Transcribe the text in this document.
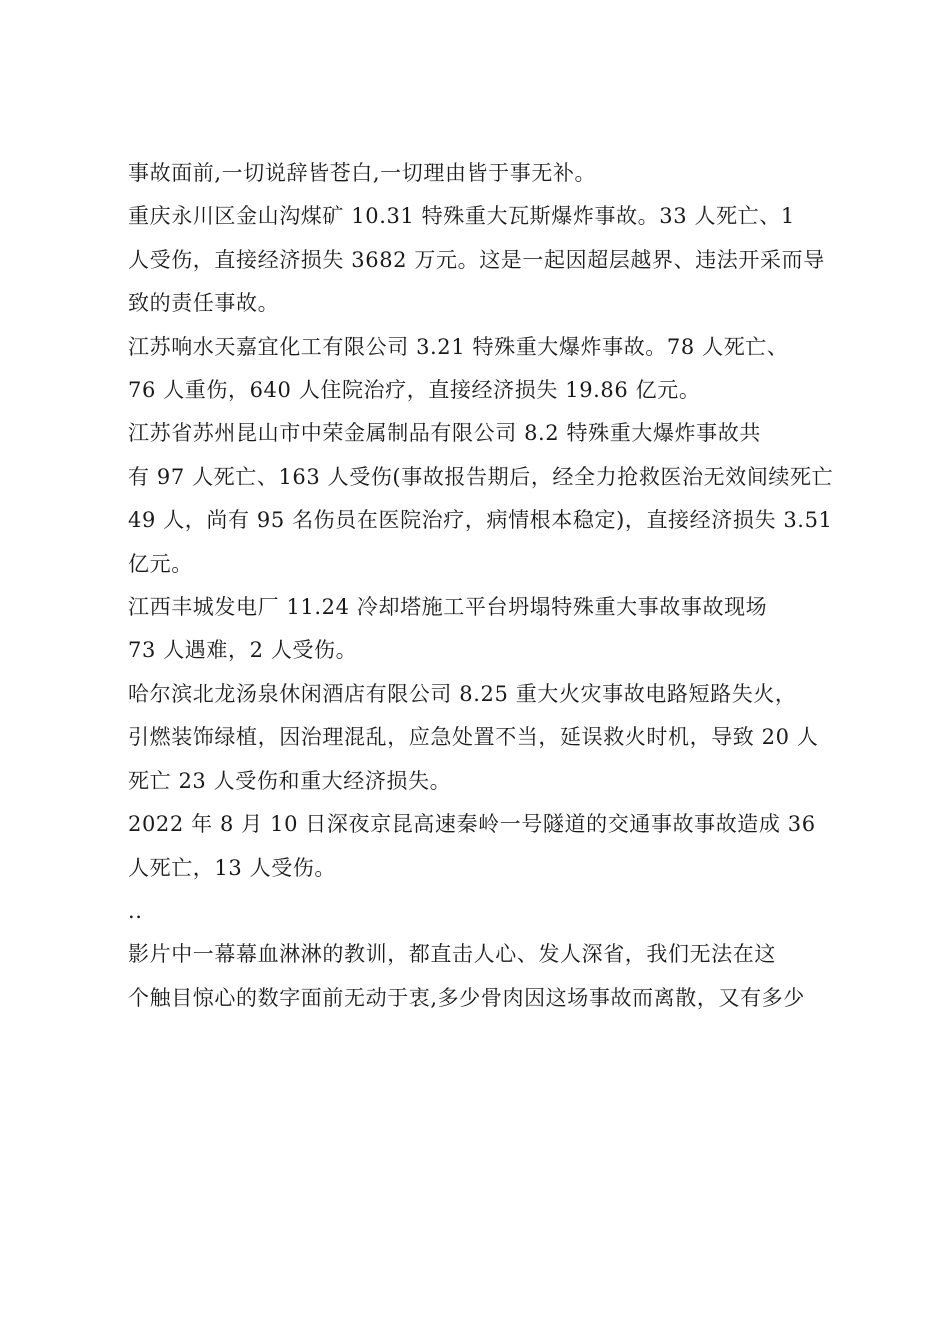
事故面前,一切说辞皆苍白,一切理由皆于事无补。

重庆永川区金山沟煤矿 10.31 特殊重大瓦斯爆炸事故。33 人死亡、1
人受伤，直接经济损失 3682 万元。这是一起因超层越界、违法开采而导
致的责任事故。

江苏响水天嘉宜化工有限公司 3.21 特殊重大爆炸事故。78 人死亡、
76 人重伤，640 人住院治疗，直接经济损失 19.86 亿元。

江苏省苏州昆山市中荣金属制品有限公司 8.2 特殊重大爆炸事故共
有 97 人死亡、163 人受伤(事故报告期后，经全力抢救医治无效间续死亡
49 人，尚有 95 名伤员在医院治疗，病情根本稳定)，直接经济损失 3.51
亿元。

江西丰城发电厂 11.24 冷却塔施工平台坍塌特殊重大事故事故现场
73 人遇难，2 人受伤。

哈尔滨北龙汤泉休闲酒店有限公司 8.25 重大火灾事故电路短路失火，
引燃装饰绿植，因治理混乱，应急处置不当，延误救火时机，导致 20 人
死亡 23 人受伤和重大经济损失。

2022 年 8 月 10 日深夜京昆高速秦岭一号隧道的交通事故事故造成 36
人死亡，13 人受伤。

..

影片中一幕幕血淋淋的教训，都直击人心、发人深省，我们无法在这
个触目惊心的数字面前无动于衷,多少骨肉因这场事故而离散，又有多少
